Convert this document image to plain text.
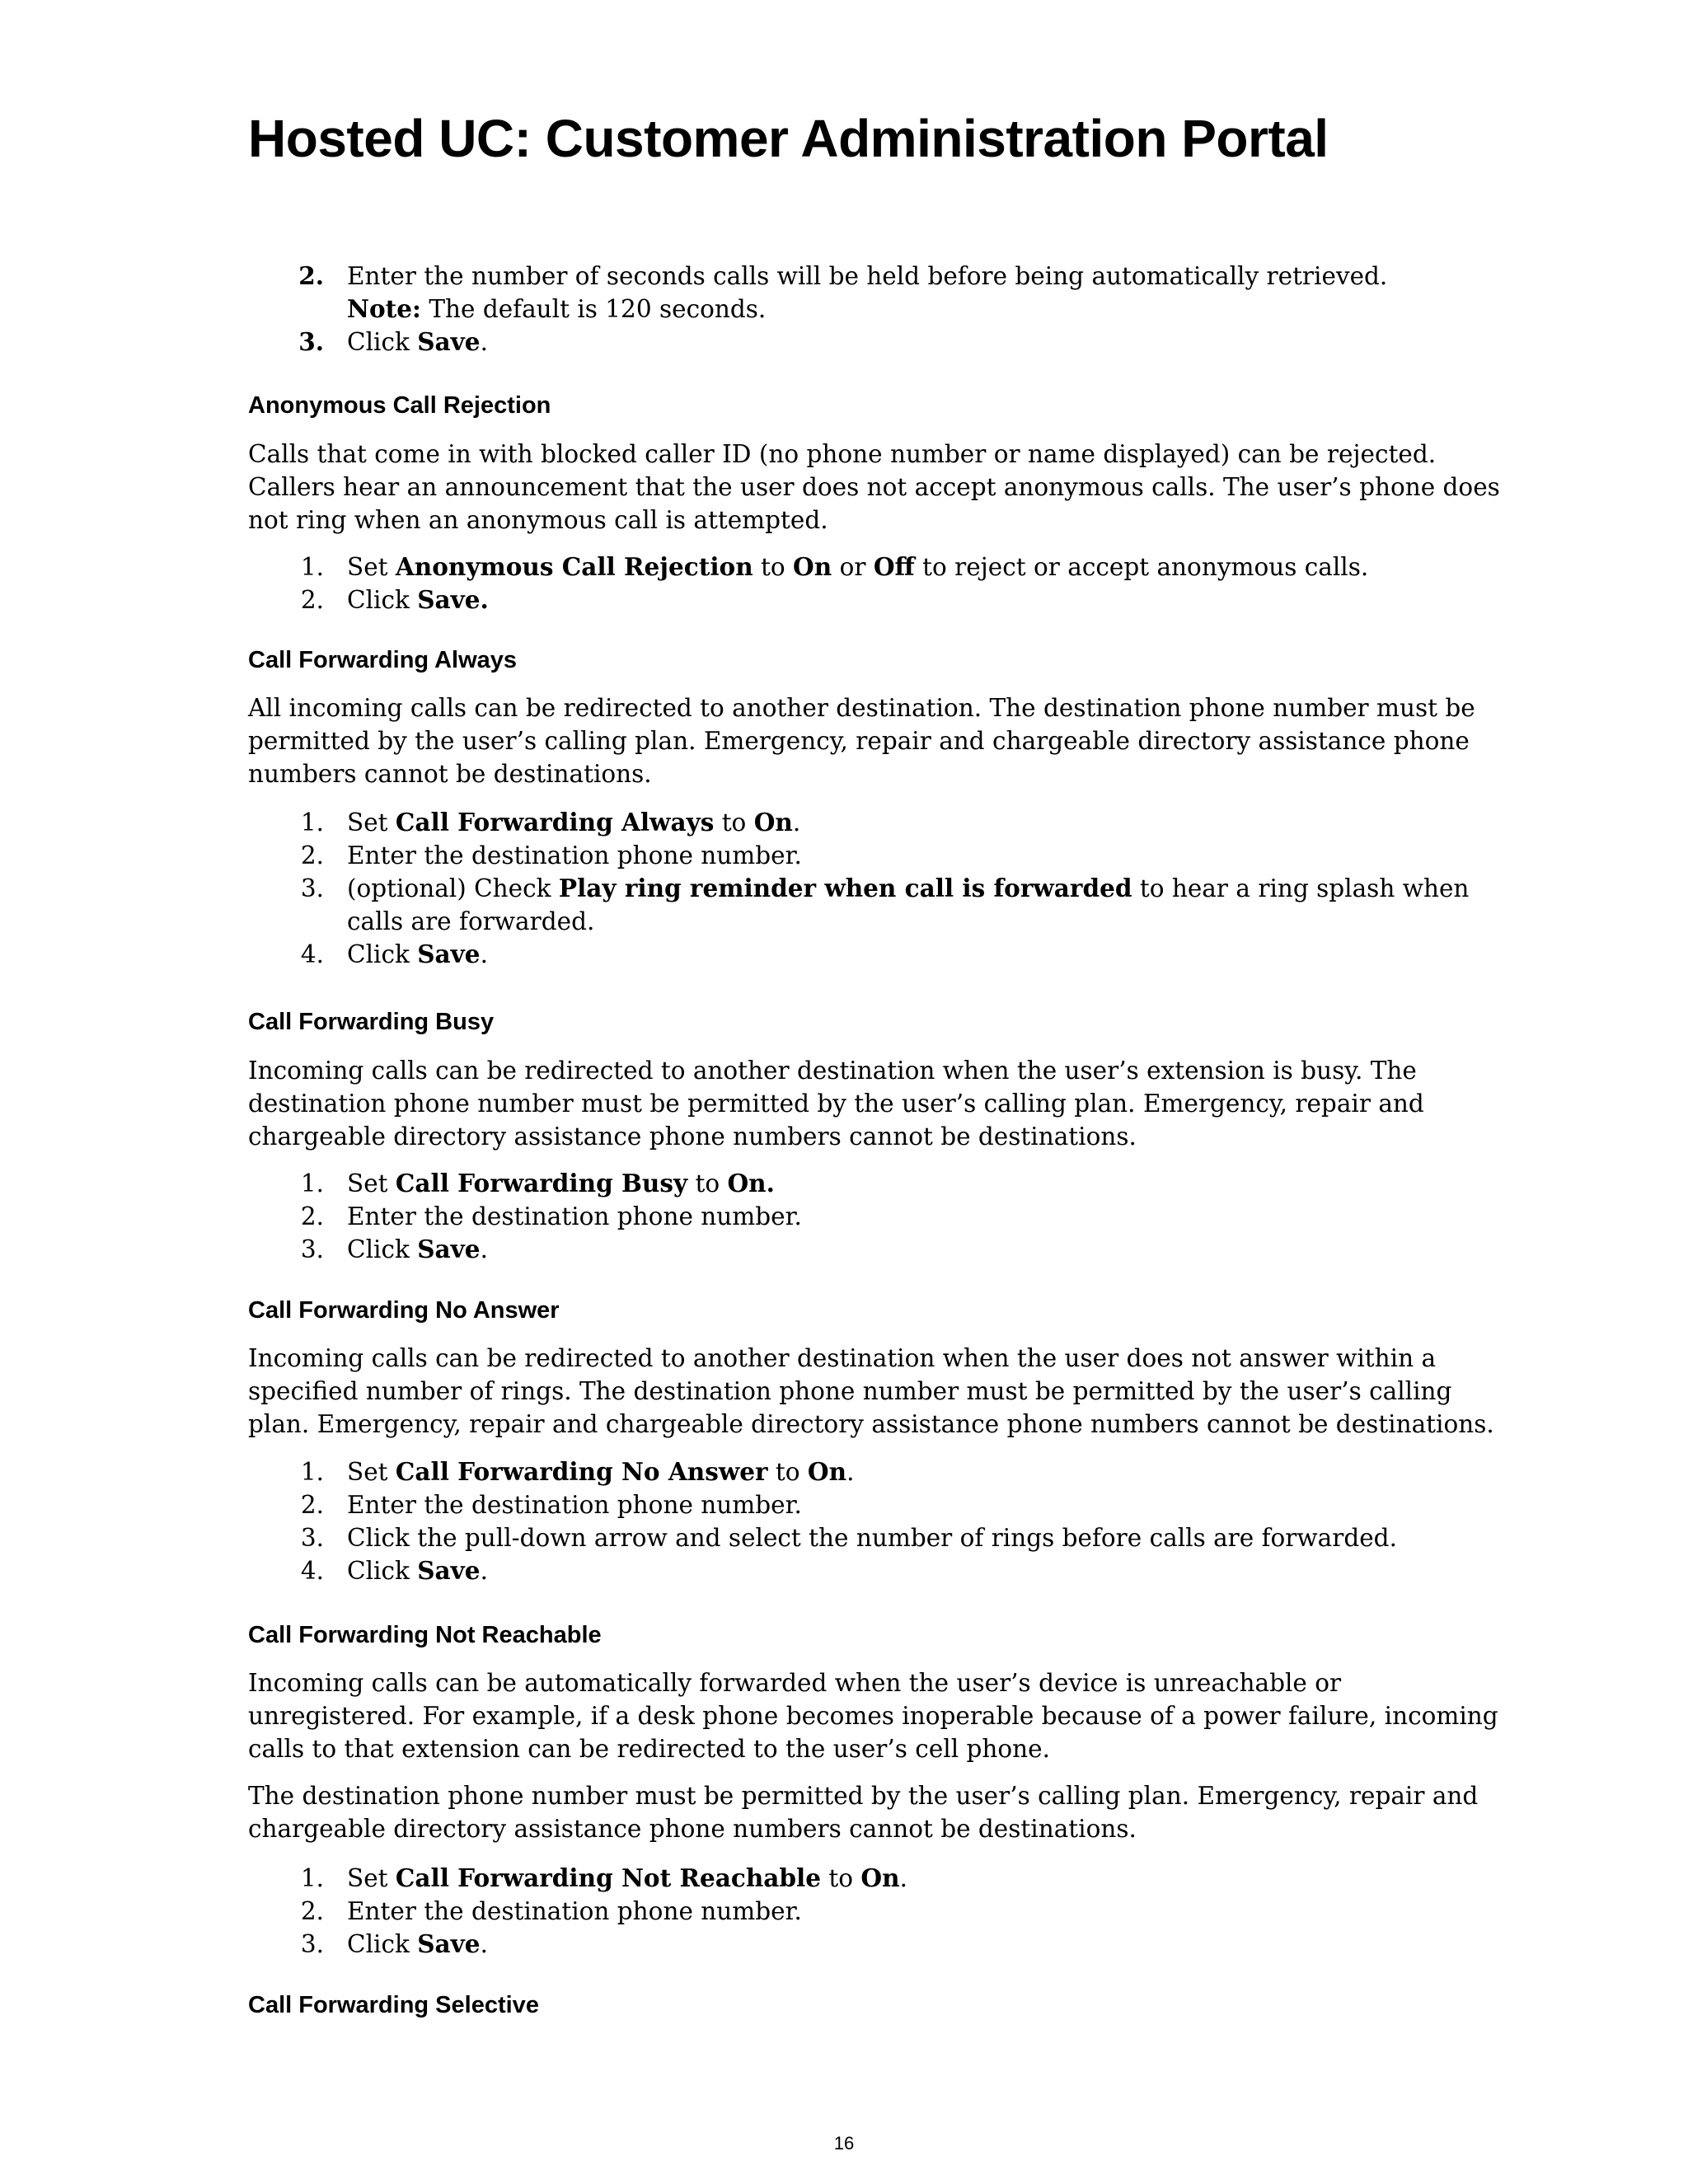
Hosted UC: Customer Administration Portal
2. Enter the number of seconds calls will be held before being automatically retrieved.
Note: The default is 120 seconds.
3. Click Save.
Anonymous Call Rejection

Calls that come in with blocked caller ID (no phone number or name displayed) can be rejected.

Callers hear an announcement that the user does not accept anonymous calls. The user’s phone does

not ring when an anonymous call is attempted.

1. Set Anonymous Call Rejection to On or Off to reject or accept anonymous calls.
2. Click Save.
Call Forwarding Always

All incoming calls can be redirected to another destination. The destination phone number must be

permitted by the user’s calling plan. Emergency, repair and chargeable directory assistance phone

numbers cannot be destinations.

1. Set Call Forwarding Always to On.
2. Enter the destination phone number.
3. (optional) Check Play ring reminder when call is forwarded to hear a ring splash when
calls are forwarded.
4. Click Save.
Call Forwarding Busy

Incoming calls can be redirected to another destination when the user’s extension is busy. The

destination phone number must be permitted by the user’s calling plan. Emergency, repair and

chargeable directory assistance phone numbers cannot be destinations.

1. Set Call Forwarding Busy to On.
2. Enter the destination phone number.
3. Click Save.
Call Forwarding No Answer

Incoming calls can be redirected to another destination when the user does not answer within a

specified number of rings. The destination phone number must be permitted by the user’s calling

plan. Emergency, repair and chargeable directory assistance phone numbers cannot be destinations.

1. Set Call Forwarding No Answer to On.
2. Enter the destination phone number.
3. Click the pull-down arrow and select the number of rings before calls are forwarded.
4. Click Save.
Call Forwarding Not Reachable

Incoming calls can be automatically forwarded when the user’s device is unreachable or

unregistered. For example, if a desk phone becomes inoperable because of a power failure, incoming

calls to that extension can be redirected to the user’s cell phone.

The destination phone number must be permitted by the user’s calling plan. Emergency, repair and

chargeable directory assistance phone numbers cannot be destinations.

1. Set Call Forwarding Not Reachable to On.
2. Enter the destination phone number.
3. Click Save.
Call Forwarding Selective
16
